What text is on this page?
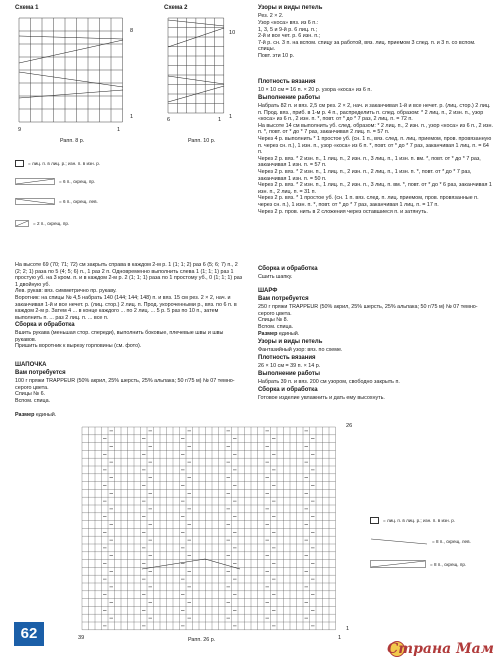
Схема 1
8
1
9	1
Рапп. 8 р.
Схема 2
10
1
6	1
Рапп. 10 р.
= лиц. п. в лиц. р.; изн. п. в изн. р.
= 6 п., скрещ. пр.
= 6 п., скрещ. лев.
= 2 п., скрещ. пр.
На высоте 69 (70; 71; 72) см закрыть справа в каждом 2-м р. 1 (1; 1; 2) раз 6 (5; 6; 7) п., 2 (2; 2; 1) раза по 5 (4; 5; 6) п., 1 раз 2 п. Одновременно выполнить слева 1 (1; 1; 1) раз 1 простую уб. на 3 кром. п. и в каждом 2-м р. 2 (1; 1; 1) раза по 1 простому уб., 0 (1; 1; 1) раз 1 двойную уб.
Лев. рукав: вяз. симметрично пр. рукаву.
Воротник: на спицы № 4,5 набрать 140 (144; 144; 148) п. и вяз. 15 см рез. 2 × 2, нач. и заканчивая 1-й и все нечет. р. (лиц. стор.) 2 лиц. п. Прод. укороченными р., вяз. по 6 п. в каждом 2-м р. Затем 4 ... в конце каждого ... по 2 лиц. ... 5 р. 5 раз по 10 п., затем выполнить п. ... раз 2 лиц. п. ... все п.
Сборка и обработка
Вшить рукава (меньшая стор. спереди), выполнить боковые, плечевые швы и швы рукавов.
Пришить воротник к вырезу горловины (см. фото).
ШАПОЧКА
Вам потребуется
100 г пряжи TRAPPEUR (50% акрил, 25% шерсть, 25% альпака; 50 г/75 м) № 07 темно-серого цвета.
Спицы № 6.
Вспом. спица.
Размер единый.
Узоры и виды петель
Рез. 2 × 2.
Узор «коса» вяз. из 6 п.:
1, 3, 5 и 9-й р. 6 лиц. п.;
2-й и все чет. р. 6 изн. п.;
7-й р. сн. 3 п. на вспом. спицу за работой, вяз. лиц. приемом 3 след. п. и 3 п. со вспом. спицы.
Повт. эти 10 р.
Плотность вязания
10 × 10 см = 16 п. × 20 р. узора «коса» из 6 п.
Выполнение работы
Набрать 82 п. и вяз. 2,5 см рез. 2 × 2, нач. и заканчивая 1-й и все нечет. р. (лиц. стор.) 2 лиц. п. Прод. вяз., приб. в 1-м р. 4 п., распределить п. след. образом: * 2 лиц. п., 2 изн. п., узор «коса» из 6 п., 2 изн. п. *, повт. от * до * 7 раз, 2 лиц. п. = 72 п.
На высоте 14 см выполнить уб. след. образом: * 2 лиц. п., 2 изн. п., узор «коса» из 6 п., 2 изн. п. *, повт. от * до * 7 раз, заканчивая 2 лиц. п. = 57 п.
Через 4 р. выполнить * 1 простое уб. (сн. 1 п., вяз. след. п. лиц. приемом, пров. провязанную п. через сн. п.), 1 изн. п., узор «коса» из 6 п. *, повт. от * до * 7 раз, заканчивая 1 лиц. п. = 64 п.
Через 2 р. вяз. * 2 изн. п., 1 лиц. п., 2 изн. п., 3 лиц. п., 1 изн. п. вм. *, повт. от * до * 7 раз, заканчивая 1 изн. п. = 57 п.
Через 2 р. вяз. * 2 изн. п., 1 лиц. п., 2 изн. п., 2 лиц. п., 1 изн. п. *, повт. от * до * 7 раз, заканчивая 1 изн. п. = 50 п.
Через 2 р. вяз. * 2 изн. п., 1 лиц. п., 2 изн. п., 3 лиц. п. вм. *, повт. от * до * 6 раз, заканчивая 1 изн. п., 2 лиц. п. = 31 п.
Через 2 р. вяз. * 1 простое уб. (сн. 1 п. вяз. след. п. лиц. приемом, пров. провязанные п. через сн. п.), 1 изн. п. *, повт. от * до * 7 раз, заканчивая 1 лиц. п. = 17 п.
Через 2 р. пров. нить в 2 сложения через оставшиеся п. и затянуть.
Сборка и обработка
Сшить шапку.
ШАРФ
Вам потребуется
250 г пряжи TRAPPEUR (50% акрил, 25% шерсть, 25% альпака; 50 г/75 м) № 07 темно-серого цвета.
Спицы № 8.
Вспом. спица.
Размер единый.
Узоры и виды петель
Фантазийный узор: вяз. по схеме.
Плотность вязания
26 × 10 см = 39 п. × 14 р.
Выполнение работы
Набрать 39 п. и вяз. 200 см узором, свободно закрыть п.
Сборка и обработка
Готовое изделие увлажнить и дать ему высохнуть.
26
1
39	1
Рапп. 26 р.
= лиц. п. в лиц. р.; изн. п. в изн. р.
= 8 п., скрещ. лев.
= 8 п., скрещ. пр.
62
Страна Мам
